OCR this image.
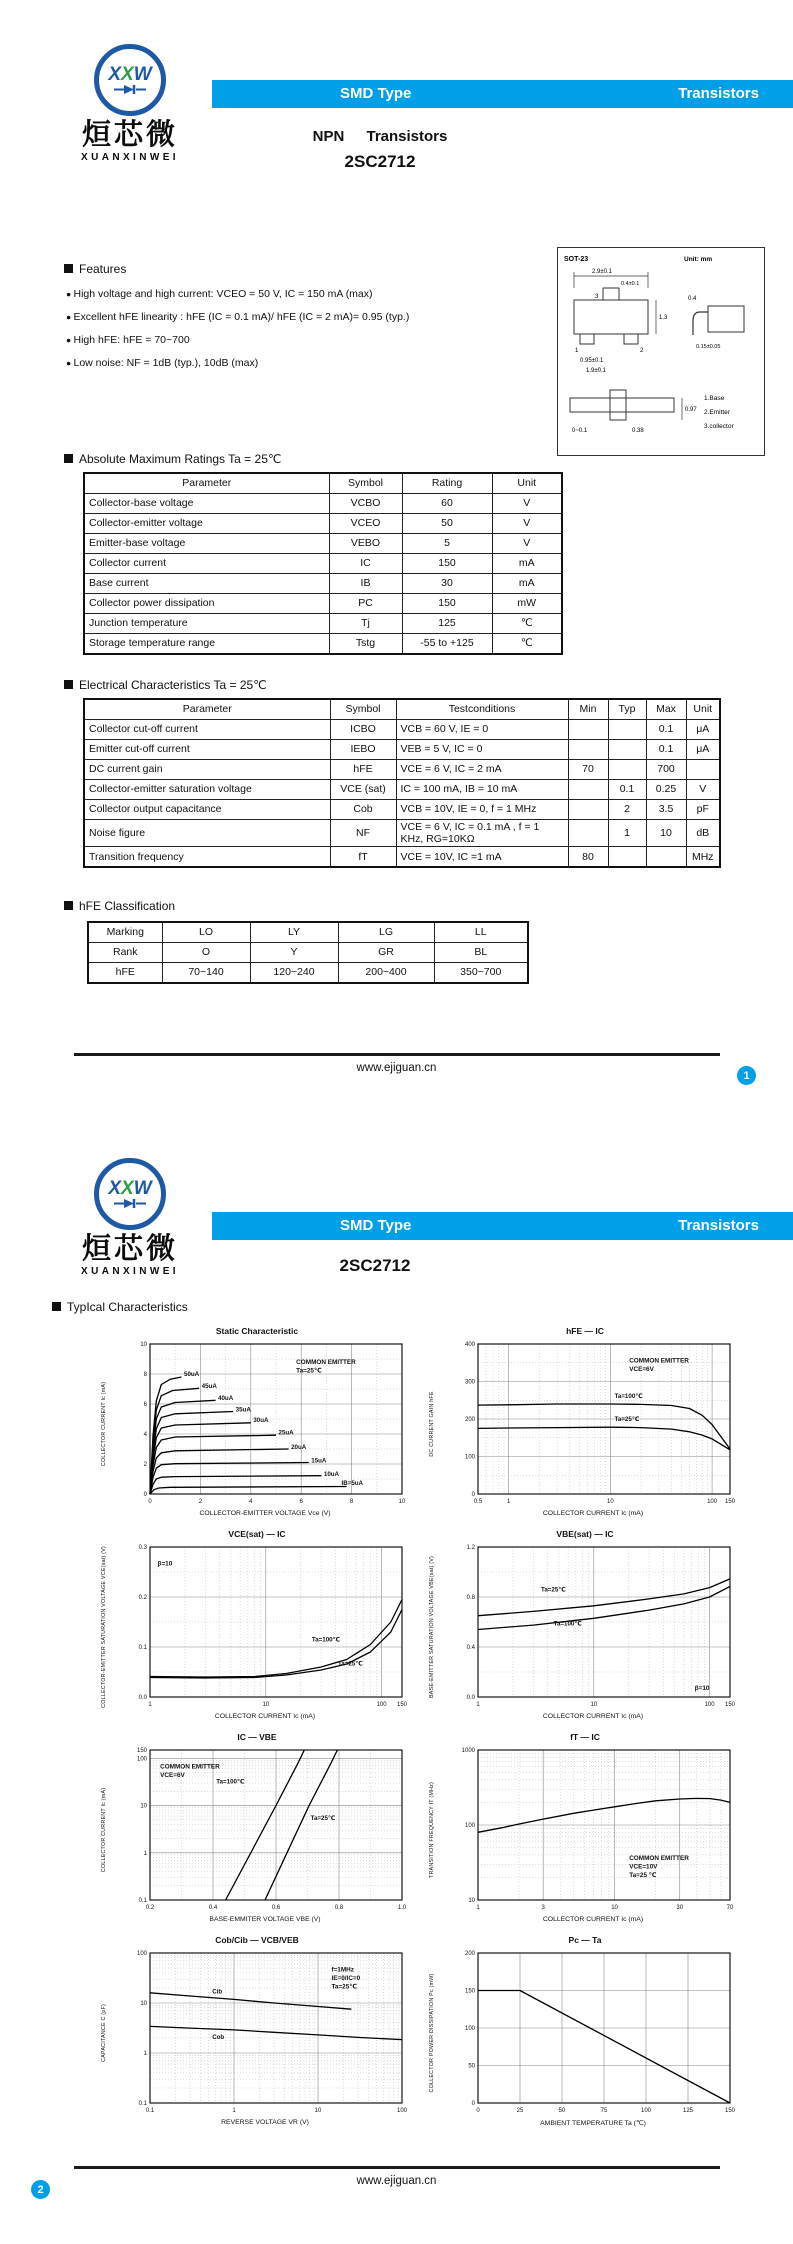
XXW
烜芯微
XUANXINWEI
SMD Type	Transistors
NPN Transistors
2SC2712
Features
● High voltage and high current: VCEO = 50 V, IC = 150 mA (max)
● Excellent hFE linearity : hFE (IC = 0.1 mA)/ hFE (IC = 2 mA)= 0.95 (typ.)
● High hFE: hFE = 70~700
● Low noise: NF = 1dB (typ.), 10dB (max)
SOT-23	Unit: mm
2.9±0.1
0.4±0.1
3
1	2
1.3
0.95±0.1
1.9±0.1
0.4
0.15±0.05
0.97
0.38
0~0.1
1.Base
2.Emitter
3.collector
Absolute Maximum Ratings Ta = 25℃
Parameter	Symbol	Rating	Unit
Collector-base voltage	VCBO	60	V
Collector-emitter voltage	VCEO	50	V
Emitter-base voltage	VEBO	5	V
Collector current	IC	150	mA
Base current	IB	30	mA
Collector power dissipation	PC	150	mW
Junction temperature	Tj	125	℃
Storage temperature range	Tstg	-55 to +125	℃
Electrical Characteristics Ta = 25℃
Parameter	Symbol	Testconditions	Min	Typ	Max	Unit
Collector cut-off current	ICBO	VCB = 60 V, IE = 0			0.1	μA
Emitter cut-off current	IEBO	VEB = 5 V, IC = 0			0.1	μA
DC current gain	hFE	VCE = 6 V, IC = 2 mA	70		700	
Collector-emitter saturation voltage	VCE (sat)	IC = 100 mA, IB = 10 mA		0.1	0.25	V
Collector output capacitance	Cob	VCB = 10V, IE = 0, f = 1 MHz		2	3.5	pF
Noise figure	NF	VCE = 6 V, IC = 0.1 mA , f = 1 KHz, RG=10KΩ		1	10	dB
Transition frequency	fT	VCE = 10V, IC =1 mA	80			MHz
hFE Classification
Marking	LO	LY	LG	LL
Rank	O	Y	GR	BL
hFE	70~140	120~240	200~400	350~700
www.ejiguan.cn
1
XXW
烜芯微
XUANXINWEI
SMD Type	Transistors
2SC2712
TypIcal Characteristics
Static Characteristic
COLLECTOR CURRENT Ic (mA)
0	2	4	6	8	10
0
2
4
6
8
10
50uA
45uA
40uA
35uA
30uA
25uA
20uA
15uA
10uA
IB=5uA
COMMON EMITTER
Ta=25℃
COLLECTOR-EMITTER VOLTAGE Vce (V)
hFE — IC
DC CURRENT GAIN hFE
0.5	1	10	100 150
0
100
200
300
400
Ta=100℃
Ta=25℃
COMMON EMITTER
VCE=6V
COLLECTOR CURRENT Ic (mA)
VCE(sat) — IC
COLLECTOR-EMITTER SATURATION VOLTAGE VCE(sat) (V)	1	10	100 150
0.0
0.1
0.2
0.3
Ta=100℃
Ta=25℃
β=10
COLLECTOR CURRENT Ic (mA)
VBE(sat) — IC
BASE-EMITTER SATURATION VOLTAGE VBE(sat) (V)
1	10	100 150
0.0
0.4
0.8
1.2
Ta=25℃
Ta=100℃
β=10
COLLECTOR CURRENT Ic (mA)
IC — VBE
COLLECTOR CURRENT Ic (mA)
0.2	0.4	0.6	0.8	1.0
0.1
1
10
100
150
Ta=100℃
Ta=25℃
COMMON EMITTER
VCE=6V
BASE-EMMITER VOLTAGE VBE (V)
fT — IC
TRANSITION FREQUENCY fT (MHz)
1	3	10	30	70
10
100
1000
COMMON EMITTER
VCE=10V
Ta=25 ℃
COLLECTOR CURRENT Ic (mA)
Cob/Cib — VCB/VEB
CAPACITANCE C (pF)
0.1	1	10	100
0.1
1
10
100
Cib
Cob
f=1MHz
IE=0/IC=0
Ta=25℃
REVERSE VOLTAGE VR (V)
Pc — Ta
COLLECTOR POWER DISSIPATION Pc (mW)
0	25	50	75	100	125	150
0
50
100
150
200
AMBIENT TEMPERATURE Ta (℃)
www.ejiguan.cn
2
